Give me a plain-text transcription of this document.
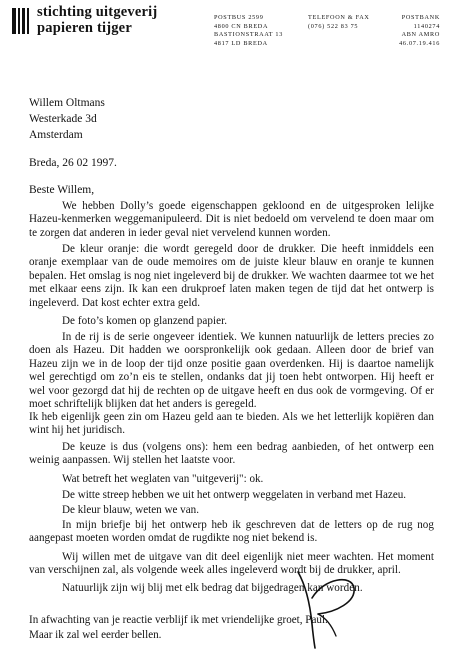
stichting uitgeverij
papieren tijger
POSTBUS 2599
4800 CN BREDA
BASTIONSTRAAT 13
4817 LD BREDA
TELEFOON & FAX
(076) 522 83 75
POSTBANK
1140274
ABN AMRO
46.07.19.416
Willem Oltmans
Westerkade 3d
Amsterdam
Breda, 26 02 1997.
Beste Willem,

We hebben Dolly’s goede eigenschappen gekloond en de uitgesproken lelijke Hazeu-kenmerken weggemanipuleerd. Dit is niet bedoeld om vervelend te doen maar om te zorgen dat anderen in ieder geval niet vervelend kunnen worden.

De kleur oranje: die wordt geregeld door de drukker. Die heeft inmiddels een oranje exemplaar van de oude memoires om de juiste kleur blauw en oranje te kunnen bepalen. Het omslag is nog niet ingeleverd bij de drukker. We wachten daarmee tot we het met elkaar eens zijn. Ik kan een drukproef laten maken tegen de tijd dat het ontwerp is ingeleverd. Dat kost echter extra geld.

De foto’s komen op glanzend papier.

In de rij is de serie ongeveer identiek. We kunnen natuurlijk de letters precies zo doen als Hazeu. Dit hadden we oorspronkelijk ook gedaan. Alleen door de brief van Hazeu zijn we in de loop der tijd onze positie gaan overdenken. Hij is daartoe namelijk wel gerechtigd om zo’n eis te stellen, ondanks dat jij toen hebt ontworpen. Hij heeft er wel voor gezorgd dat hij de rechten op de uitgave heeft en dus ook de vormgeving. Of er moet schriftelijk blijken dat het anders is geregeld.

Ik heb eigenlijk geen zin om Hazeu geld aan te bieden. Als we het letterlijk kopiëren dan wint hij het juridisch.

De keuze is dus (volgens ons): hem een bedrag aanbieden, of het ontwerp een weinig aanpassen. Wij stellen het laatste voor.

Wat betreft het weglaten van "uitgeverij": ok.
De witte streep hebben we uit het ontwerp weggelaten in verband met Hazeu.
De kleur blauw, weten we van.

In mijn briefje bij het ontwerp heb ik geschreven dat de letters op de rug nog aangepast moeten worden omdat de rugdikte nog niet bekend is.

Wij willen met de uitgave van dit deel eigenlijk niet meer wachten. Het moment van verschijnen zal, als volgende week alles ingeleverd wordt bij de drukker, april.

Natuurlijk zijn wij blij met elk bedrag dat bijgedragen kan worden.

In afwachting van je reactie verblijf ik met vriendelijke groet, Paul.
Maar ik zal wel eerder bellen.
